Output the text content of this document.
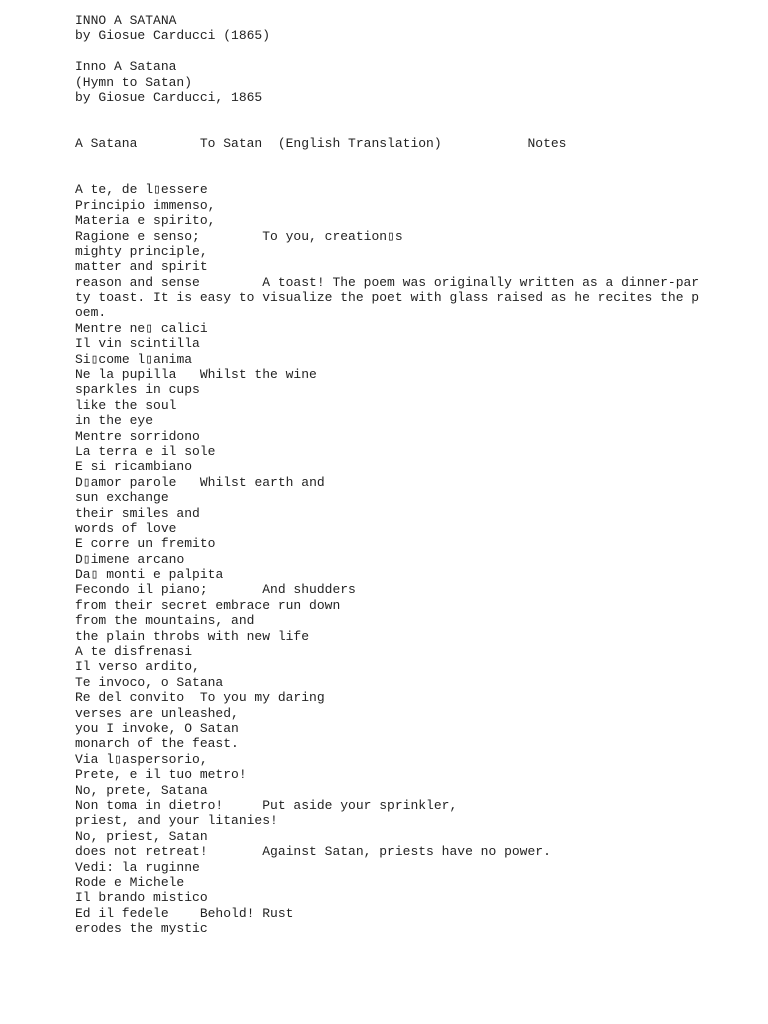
INNO A SATANA
by Giosue Carducci (1865)
Inno A Satana
(Hymn to Satan)
by Giosue Carducci, 1865
A Satana        To Satan  (English Translation)           Notes
A te, de l▯essere
Principio immenso,
Materia e spirito,
Ragione e senso;        To you, creation▯s
mighty principle,
matter and spirit
reason and sense        A toast! The poem was originally written as a dinner-par
ty toast. It is easy to visualize the poet with glass raised as he recites the p
oem.
Mentre ne▯ calici
Il vin scintilla
Si▯come l▯anima
Ne la pupilla   Whilst the wine
sparkles in cups
like the soul
in the eye
Mentre sorridono
La terra e il sole
E si ricambiano
D▯amor parole   Whilst earth and
sun exchange
their smiles and
words of love
E corre un fremito
D▯imene arcano
Da▯ monti e palpita
Fecondo il piano;       And shudders
from their secret embrace run down
from the mountains, and
the plain throbs with new life
A te disfrenasi
Il verso ardito,
Te invoco, o Satana
Re del convito  To you my daring
verses are unleashed,
you I invoke, O Satan
monarch of the feast.
Via l▯aspersorio,
Prete, e il tuo metro!
No, prete, Satana
Non toma in dietro!     Put aside your sprinkler,
priest, and your litanies!
No, priest, Satan
does not retreat!       Against Satan, priests have no power.
Vedi: la ruginne
Rode e Michele
Il brando mistico
Ed il fedele    Behold! Rust
erodes the mystic
